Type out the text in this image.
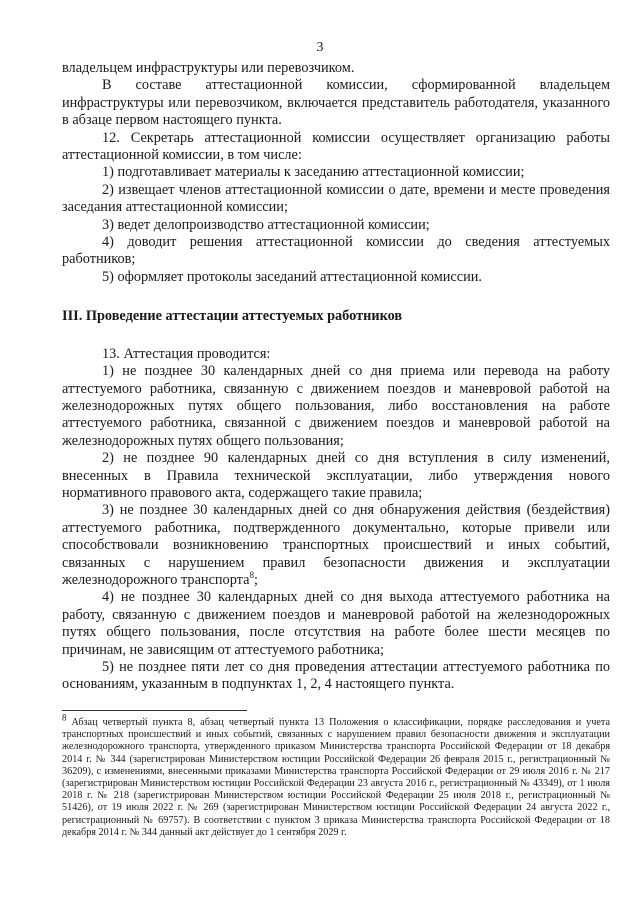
3

владельцем инфраструктуры или перевозчиком.

В составе аттестационной комиссии, сформированной владельцем инфраструктуры или перевозчиком, включается представитель работодателя, указанного в абзаце первом настоящего пункта.

12. Секретарь аттестационной комиссии осуществляет организацию работы аттестационной комиссии, в том числе:

1) подготавливает материалы к заседанию аттестационной комиссии;

2) извещает членов аттестационной комиссии о дате, времени и месте проведения заседания аттестационной комиссии;

3) ведет делопроизводство аттестационной комиссии;

4) доводит решения аттестационной комиссии до сведения аттестуемых работников;

5) оформляет протоколы заседаний аттестационной комиссии.

III. Проведение аттестации аттестуемых работников

13. Аттестация проводится:

1) не позднее 30 календарных дней со дня приема или перевода на работу аттестуемого работника, связанную с движением поездов и маневровой работой на железнодорожных путях общего пользования, либо восстановления на работе аттестуемого работника, связанной с движением поездов и маневровой работой на железнодорожных путях общего пользования;

2) не позднее 90 календарных дней со дня вступления в силу изменений, внесенных в Правила технической эксплуатации, либо утверждения нового нормативного правового акта, содержащего такие правила;

3) не позднее 30 календарных дней со дня обнаружения действия (бездействия) аттестуемого работника, подтвержденного документально, которые привели или способствовали возникновению транспортных происшествий и иных событий, связанных с нарушением правил безопасности движения и эксплуатации железнодорожного транспорта$^8$;

4) не позднее 30 календарных дней со дня выхода аттестуемого работника на работу, связанную с движением поездов и маневровой работой на железнодорожных путях общего пользования, после отсутствия на работе более шести месяцев по причинам, не зависящим от аттестуемого работника;

5) не позднее пяти лет со дня проведения аттестации аттестуемого работника по основаниям, указанным в подпунктах 1, 2, 4 настоящего пункта.

$^8$ Абзац четвертый пункта 8, абзац четвертый пункта 13 Положения о классификации, порядке расследования и учета транспортных происшествий и иных событий, связанных с нарушением правил безопасности движения и эксплуатации железнодорожного транспорта, утвержденного приказом Министерства транспорта Российской Федерации от 18 декабря 2014 г. № 344 (зарегистрирован Министерством юстиции Российской Федерации 26 февраля 2015 г., регистрационный № 36209), с изменениями, внесенными приказами Министерства транспорта Российской Федерации от 29 июля 2016 г. № 217 (зарегистрирован Министерством юстиции Российской Федерации 23 августа 2016 г., регистрационный № 43349), от 1 июля 2018 г. № 218 (зарегистрирован Министерством юстиции Российской Федерации 25 июля 2018 г., регистрационный № 51426), от 19 июля 2022 г. № 269 (зарегистрирован Министерством юстиции Российской Федерации 24 августа 2022 г., регистрационный № 69757). В соответствии с пунктом 3 приказа Министерства транспорта Российской Федерации от 18 декабря 2014 г. № 344 данный акт действует до 1 сентября 2029 г.
